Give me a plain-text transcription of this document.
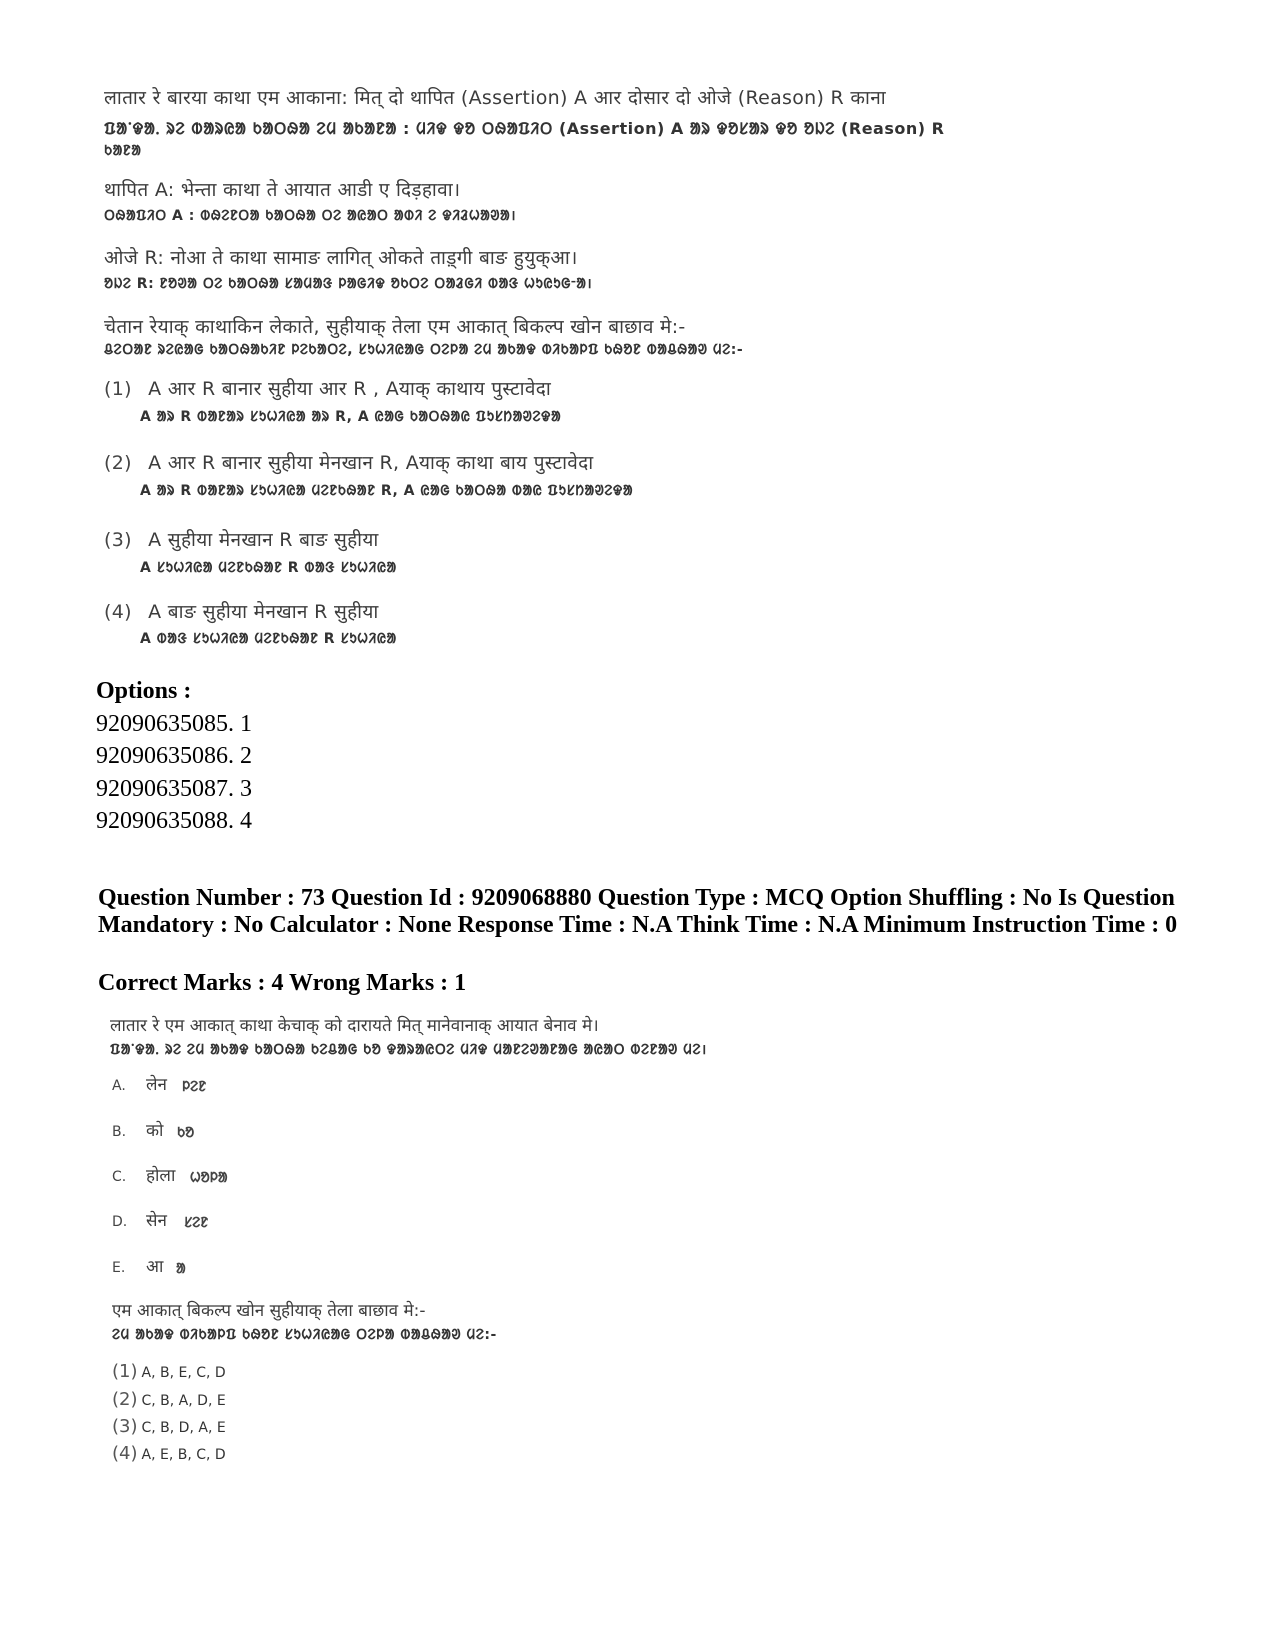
लातार रे बारया काथा एम आकाना: मित् दो थापित (Assertion) A आर दोसार दो ओजे (Reason) R काना
ᱯᱟᱸᱫᱟᱹ ᱨᱮ ᱵᱟᱨᱭᱟ ᱠᱟᱛᱷᱟ ᱮᱢ ᱟᱠᱟᱱᱟ : ᱢᱤᱫ ᱫᱚ ᱛᱷᱟᱯᱤᱛ (Assertion) A ᱟᱨ ᱫᱚᱥᱟᱨ ᱫᱚ ᱚᱡᱮ (Reason) R
ᱠᱟᱱᱟ
थापित A: भेन्ता काथा ते आयात आडी ए दिड़हावा।
ᱛᱷᱟᱯᱤᱛ A : ᱵᱷᱮᱱᱛᱟ ᱠᱟᱛᱷᱟ ᱛᱮ ᱟᱭᱟᱛ ᱟᱰᱤ ᱮ ᱫᱤᱲᱦᱟᱣᱟ।
ओजे R: नोआ ते काथा सामाङ लागित् ओकते ताड़्गी बाङ हुयुक्आ।
ᱚᱡᱮ R: ᱱᱚᱣᱟ ᱛᱮ ᱠᱟᱛᱷᱟ ᱥᱟᱢᱟᱝ ᱞᱟᱜᱤᱫ ᱚᱠᱛᱮ ᱛᱟᱲᱜᱤ ᱵᱟᱝ ᱦᱩᱭᱩᱜᱼᱟ।
चेतान रेयाक् काथाकिन लेकाते, सुहीयाक् तेला एम आकात् बिकल्प खोन बाछाव मे:-
ᱪᱮᱛᱟᱱ ᱨᱮᱭᱟᱜ ᱠᱟᱛᱷᱟᱠᱤᱱ ᱞᱮᱠᱟᱛᱮ, ᱥᱩᱦᱤᱭᱟᱜ ᱛᱮᱞᱟ ᱮᱢ ᱟᱠᱟᱫ ᱵᱤᱠᱟᱞᱯ ᱠᱷᱚᱱ ᱵᱟᱪᱷᱟᱣ ᱢᱮ:-
(1) A आर R बानार सुहीया आर R , Aयाक् काथाय पुस्टावेदा
A ᱟᱨ R ᱵᱟᱱᱟᱨ ᱥᱩᱦᱤᱭᱟ ᱟᱨ R, A ᱭᱟᱜ ᱠᱟᱛᱷᱟᱭ ᱯᱩᱥᱴᱟᱣᱮᱫᱟ
(2) A आर R बानार सुहीया मेनखान R, Aयाक् काथा बाय पुस्टावेदा
A ᱟᱨ R ᱵᱟᱱᱟᱨ ᱥᱩᱦᱤᱭᱟ ᱢᱮᱱᱠᱷᱟᱱ R, A ᱭᱟᱜ ᱠᱟᱛᱷᱟ ᱵᱟᱭ ᱯᱩᱥᱴᱟᱣᱮᱫᱟ
(3) A सुहीया मेनखान R बाङ सुहीया
A ᱥᱩᱦᱤᱭᱟ ᱢᱮᱱᱠᱷᱟᱱ R ᱵᱟᱝ ᱥᱩᱦᱤᱭᱟ
(4) A बाङ सुहीया मेनखान R सुहीया
A ᱵᱟᱝ ᱥᱩᱦᱤᱭᱟ ᱢᱮᱱᱠᱷᱟᱱ R ᱥᱩᱦᱤᱭᱟ
Options :
92090635085. 1
92090635086. 2
92090635087. 3
92090635088. 4
Question Number : 73 Question Id : 9209068880 Question Type : MCQ Option Shuffling : No Is Question Mandatory : No Calculator : None Response Time : N.A Think Time : N.A Minimum Instruction Time : 0
Correct Marks : 4 Wrong Marks : 1
लातार रे एम आकात् काथा केचाक् को दारायते मित् मानेवानाक् आयात बेनाव मे।
ᱯᱟᱸᱫᱟᱹ ᱨᱮ ᱮᱢ ᱟᱠᱟᱫ ᱠᱟᱛᱷᱟ ᱠᱮᱪᱟᱜ ᱠᱚ ᱫᱟᱨᱟᱭᱛᱮ ᱢᱤᱫ ᱢᱟᱱᱮᱣᱟᱱᱟᱜ ᱟᱭᱟᱛ ᱵᱮᱱᱟᱣ ᱢᱮ।
A. लेन ᱞᱮᱱ
B. को ᱠᱚ
C. होला ᱦᱚᱞᱟ
D. सेन ᱥᱮᱱ
E. आ ᱟ
एम आकात् बिकल्प खोन सुहीयाक् तेला बाछाव मे:-
ᱮᱢ ᱟᱠᱟᱫ ᱵᱤᱠᱟᱞᱯ ᱠᱷᱚᱱ ᱥᱩᱦᱤᱭᱟᱜ ᱛᱮᱞᱟ ᱵᱟᱪᱷᱟᱣ ᱢᱮ:-
(1) A, B, E, C, D
(2) C, B, A, D, E
(3) C, B, D, A, E
(4) A, E, B, C, D
